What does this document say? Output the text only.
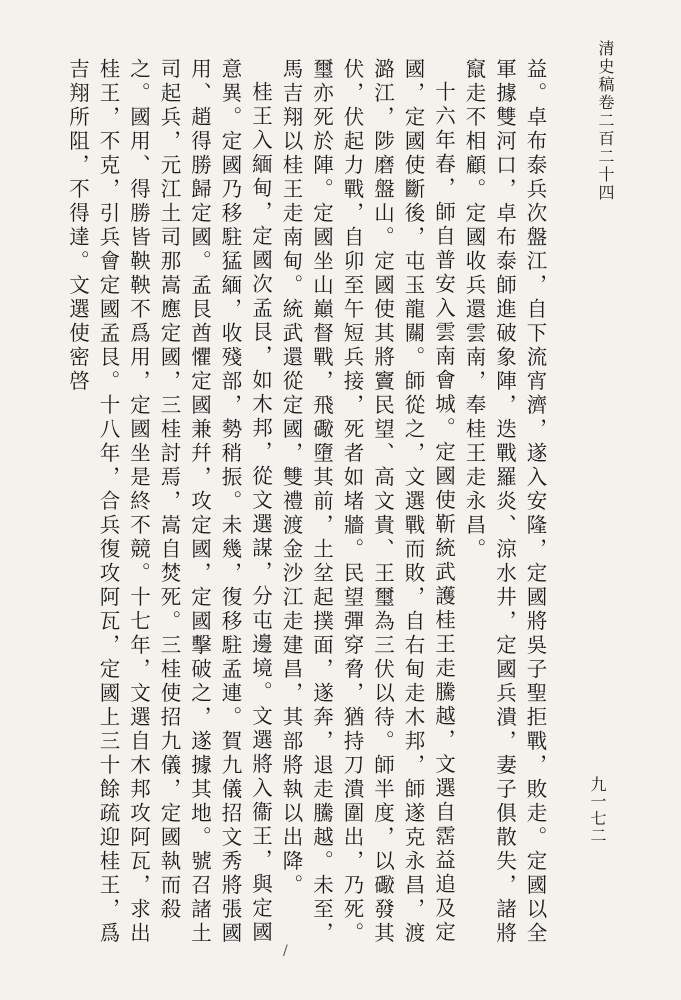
清史稿卷二百二十四

益。卓布泰兵次盤江，自下流宵濟，遂入安隆，定國將吳子聖拒戰，敗走。定國以全軍據雙河口，卓布泰師進破象陣，迭戰羅炎、涼水井，定國兵潰，妻子俱散失，諸將竄走不相顧。定國收兵還雲南，奉桂王走永昌。

十六年春，師自普安入雲南會城。定國使靳統武護桂王走騰越，文選自霑益追及定國，定國使斷後，屯玉龍關。師從之，文選戰而敗，自右甸走木邦，師遂克永昌，渡潞江，陟磨盤山。定國使其將竇民望、高文貴、王璽為三伏以待。師半度，以礮發其伏，伏起力戰，自卯至午短兵接，死者如堵牆。民望彈穿脅，猶持刀潰圍出，乃死。璽亦死於陣。定國坐山巔督戰，飛礮墮其前，土坌起撲面，遂奔，退走騰越。未至，馬吉翔以桂王走南甸。統武還從定國，雙禮渡金沙江走建昌，其部將執以出降。

桂王入緬甸，定國次孟艮，如木邦，從文選謀，分屯邊境。文選將入衞王，與定國意異。定國乃移駐猛緬，收殘部，勢稍振。未幾，復移駐孟連。賀九儀招文秀將張國用、趙得勝歸定國。孟艮酋懼定國兼幷，攻定國，定國擊破之，遂據其地。號召諸土司起兵，元江土司那嵩應定國，三桂討焉，嵩自焚死。三桂使招九儀，定國執而殺之。國用、得勝皆鞅鞅不爲用，定國坐是終不競。十七年，文選自木邦攻阿瓦，求出桂王，不克，引兵會定國孟艮。十八年，合兵復攻阿瓦，定國上三十餘疏迎桂王，爲吉翔所阻，不得達。文選使密啓

九一七二
/
